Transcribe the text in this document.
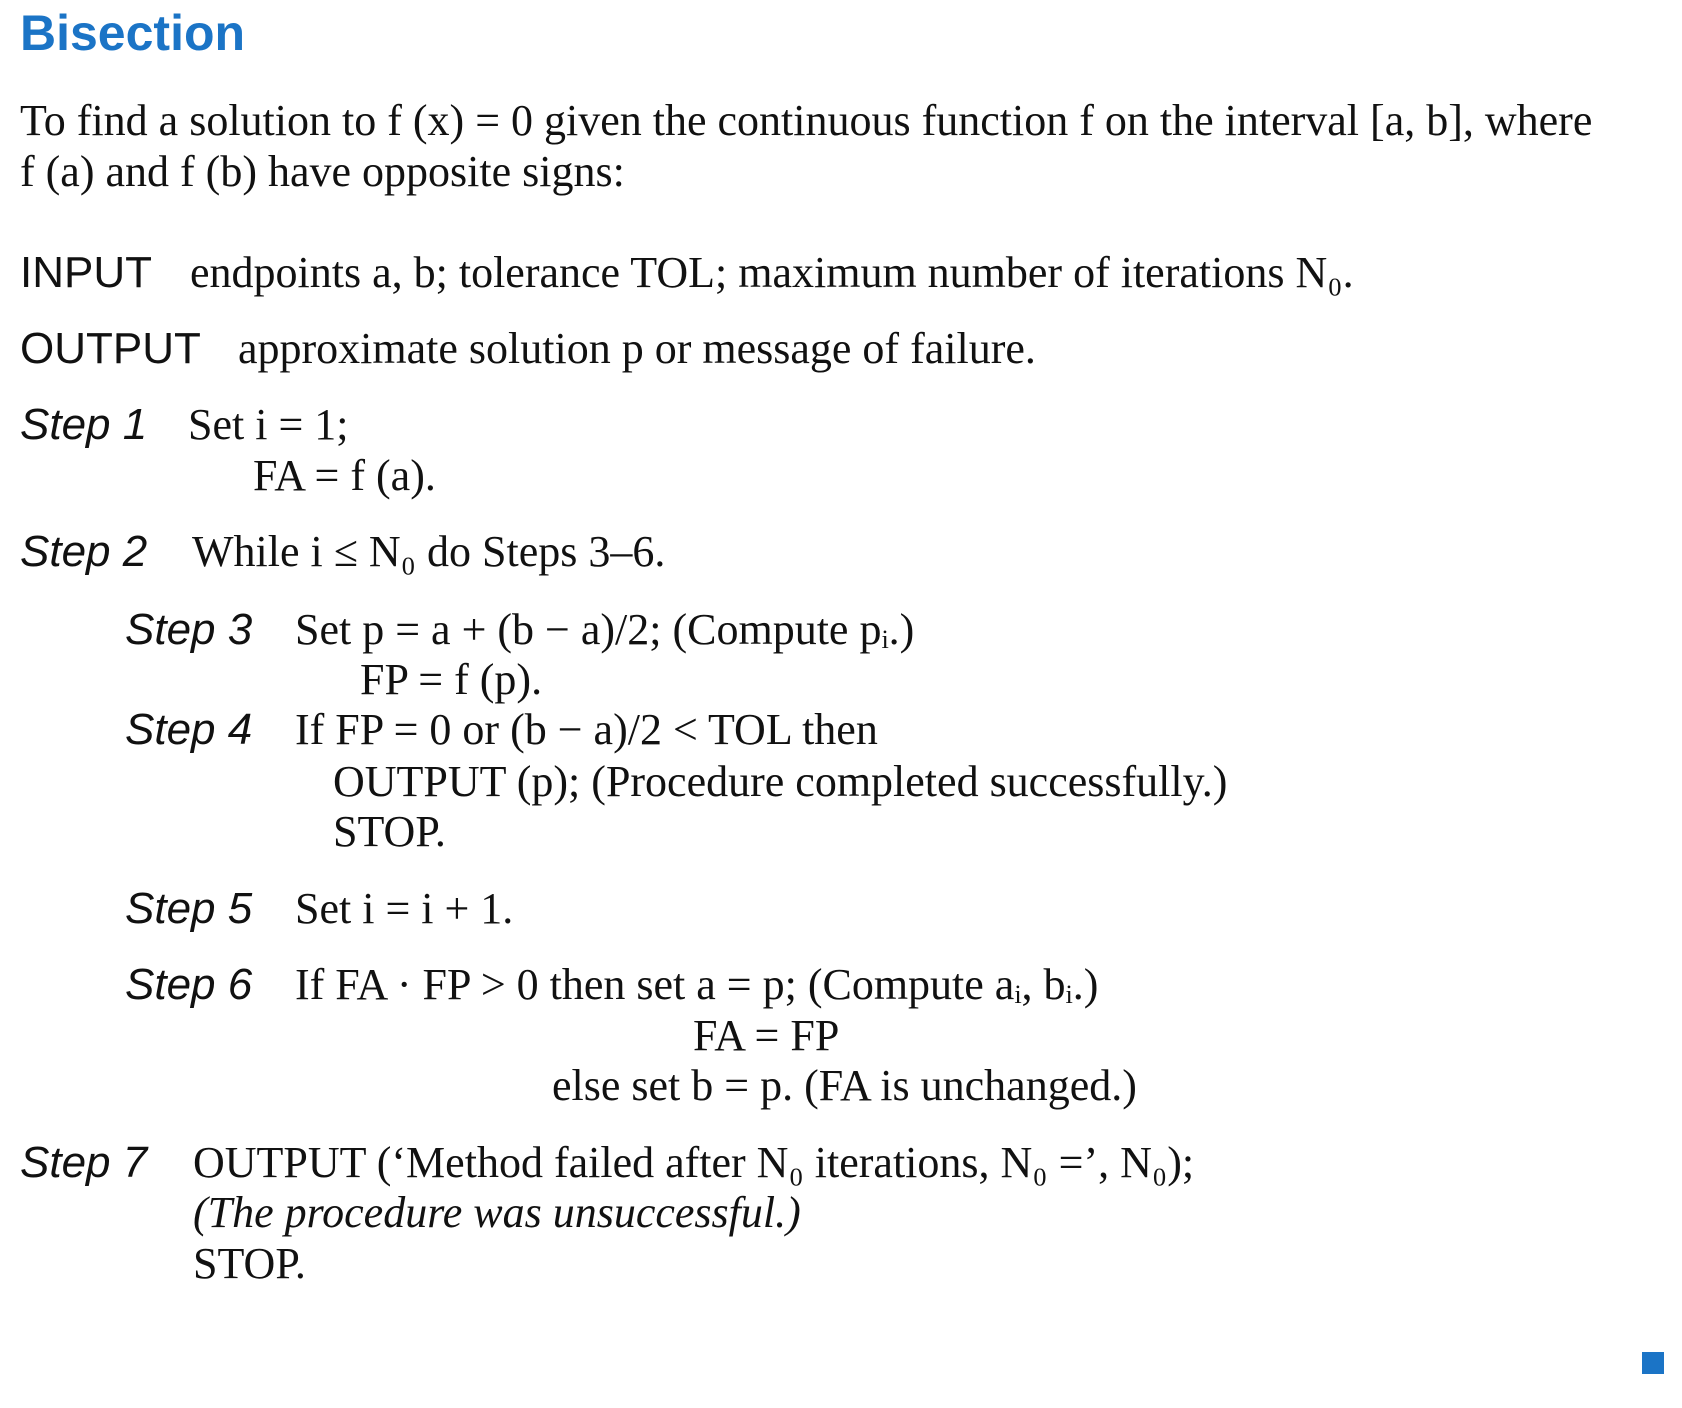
Bisection
To find a solution to f (x) = 0 given the continuous function f on the interval [a, b], where
f (a) and f (b) have opposite signs:
INPUT endpoints a, b; tolerance TOL; maximum number of iterations N₀.
OUTPUT approximate solution p or message of failure.
Step 1 Set i = 1;
FA = f (a).
Step 2 While i ≤ N₀ do Steps 3–6.
Step 3 Set p = a + (b − a)/2; (Compute pᵢ.)
FP = f (p).
Step 4 If FP = 0 or (b − a)/2 < TOL then
OUTPUT (p); (Procedure completed successfully.)
STOP.
Step 5 Set i = i + 1.
Step 6 If FA · FP > 0 then set a = p; (Compute aᵢ, bᵢ.)
FA = FP
else set b = p. (FA is unchanged.)
Step 7 OUTPUT (‘Method failed after N₀ iterations, N₀ =’, N₀);
(The procedure was unsuccessful.)
STOP.
